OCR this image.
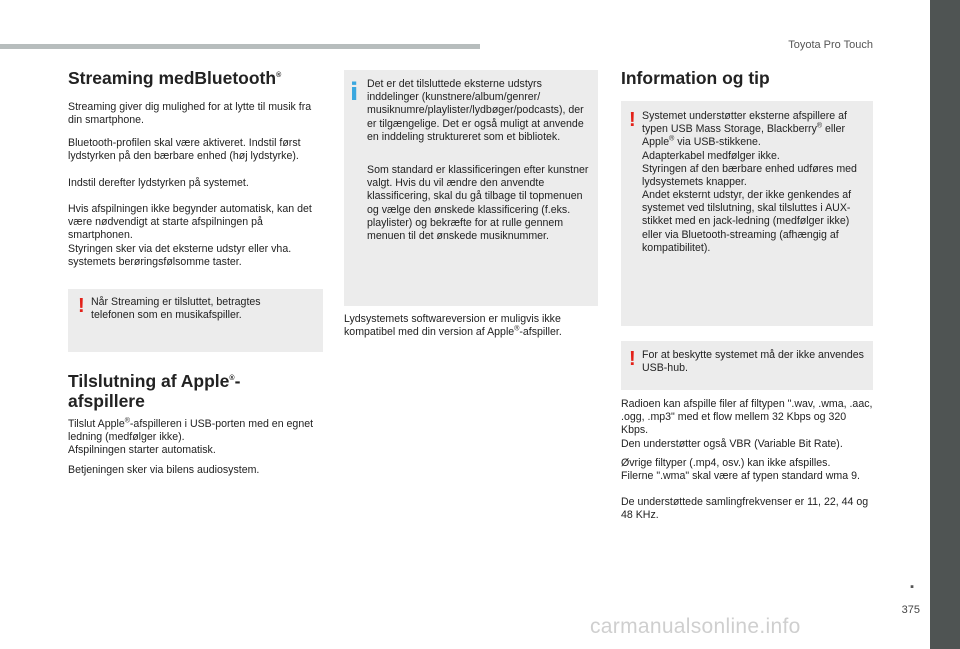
Toyota Pro Touch
Streaming medBluetooth®

Streaming giver dig mulighed for at lytte til musik fra din smartphone.

Bluetooth-profilen skal være aktiveret. Indstil først lydstyrken på den bærbare enhed (høj lydstyrke).

Indstil derefter lydstyrken på systemet.

Hvis afspilningen ikke begynder automatisk, kan det være nødvendigt at starte afspilningen på smartphonen.

Styringen sker via det eksterne udstyr eller vha. systemets berøringsfølsomme taster.

! Når Streaming er tilsluttet, betragtes telefonen som en musikafspiller.

Tilslutning af Apple®-
afspillere

Tilslut Apple®-afspilleren i USB-porten med en egnet ledning (medfølger ikke).

Afspilningen starter automatisk.

Betjeningen sker via bilens audiosystem.

i Det er det tilsluttede eksterne udstyrs inddelinger (kunstnere/album/genrer/ musiknumre/playlister/lydbøger/podcasts), der er tilgængelige. Det er også muligt at anvende en inddeling struktureret som et bibliotek.

Som standard er klassificeringen efter kunstner valgt. Hvis du vil ændre den anvendte klassificering, skal du gå tilbage til topmenuen og vælge den ønskede klassificering (f.eks. playlister) og bekræfte for at rulle gennem menuen til det ønskede musiknummer.

Lydsystemets softwareversion er muligvis ikke kompatibel med din version af Apple®-afspiller.

Information og tip
! Systemet understøtter eksterne afspillere af typen USB Mass Storage, Blackberry® eller Apple® via USB-stikkene.

Adapterkabel medfølger ikke.

Styringen af den bærbare enhed udføres med lydsystemets knapper.

Andet eksternt udstyr, der ikke genkendes af systemet ved tilslutning, skal tilsluttes i AUX-stikket med en jack-ledning (medfølger ikke) eller via Bluetooth-streaming (afhængig af kompatibilitet).

! For at beskytte systemet må der ikke anvendes USB-hub.

Radioen kan afspille filer af filtypen ".wav, .wma, .aac, .ogg, .mp3" med et flow mellem 32 Kbps og 320 Kbps.

Den understøtter også VBR (Variable Bit Rate).

Øvrige filtyper (.mp4, osv.) kan ikke afspilles.

Filerne ".wma" skal være af typen standard wma 9.

De understøttede samlingfrekvenser er 11, 22, 44 og 48 KHz.

▪
375
carmanualsonline.info
